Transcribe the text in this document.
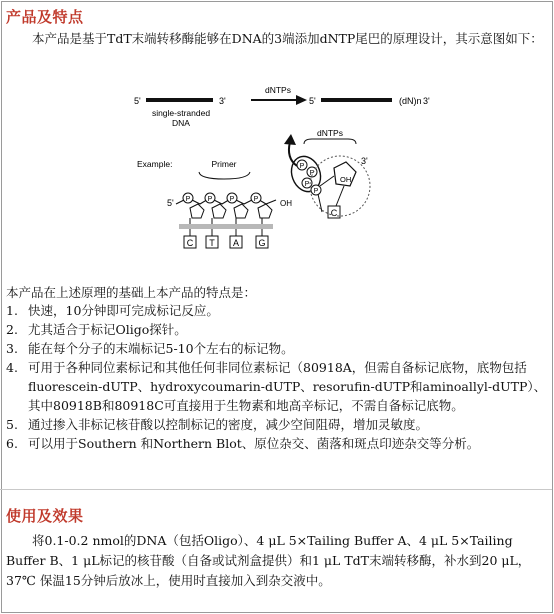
产品及特点
本产品是基于TdT末端转移酶能够在DNA的3端添加dNTP尾巴的原理设计，其示意图如下：
5'	3'
single-stranded
DNA
dNTPs
5'	(dN)n 3'
Example:	Primer
dNTPs
5'	OH
P P P	P
C T A G
P
P
P
P
3'
OH
C
本产品在上述原理的基础上本产品的特点是：
1. 快速，10分钟即可完成标记反应。
2. 尤其适合于标记Oligo探针。
3. 能在每个分子的末端标记5-10个左右的标记物。
4. 可用于各种同位素标记和其他任何非同位素标记（80918A，但需自备标记底物，底物包括fluorescein-dUTP、hydroxycoumarin-dUTP、resorufin-dUTP和aminoallyl-dUTP）、其中80918B和80918C可直接用于生物素和地高辛标记，不需自备标记底物。
5. 通过掺入非标记核苷酸以控制标记的密度，减少空间阻碍，增加灵敏度。
6. 可以用于Southern 和Northern Blot、原位杂交、菌落和斑点印迹杂交等分析。
使用及效果
将0.1-0.2 nmol的DNA（包括Oligo）、4 μL 5×Tailing Buffer A、4 μL 5×Tailing Buffer B、1 μL标记的核苷酸（自备或试剂盒提供）和1 μL TdT末端转移酶，补水到20 μL，37℃ 保温15分钟后放冰上，使用时直接加入到杂交液中。
